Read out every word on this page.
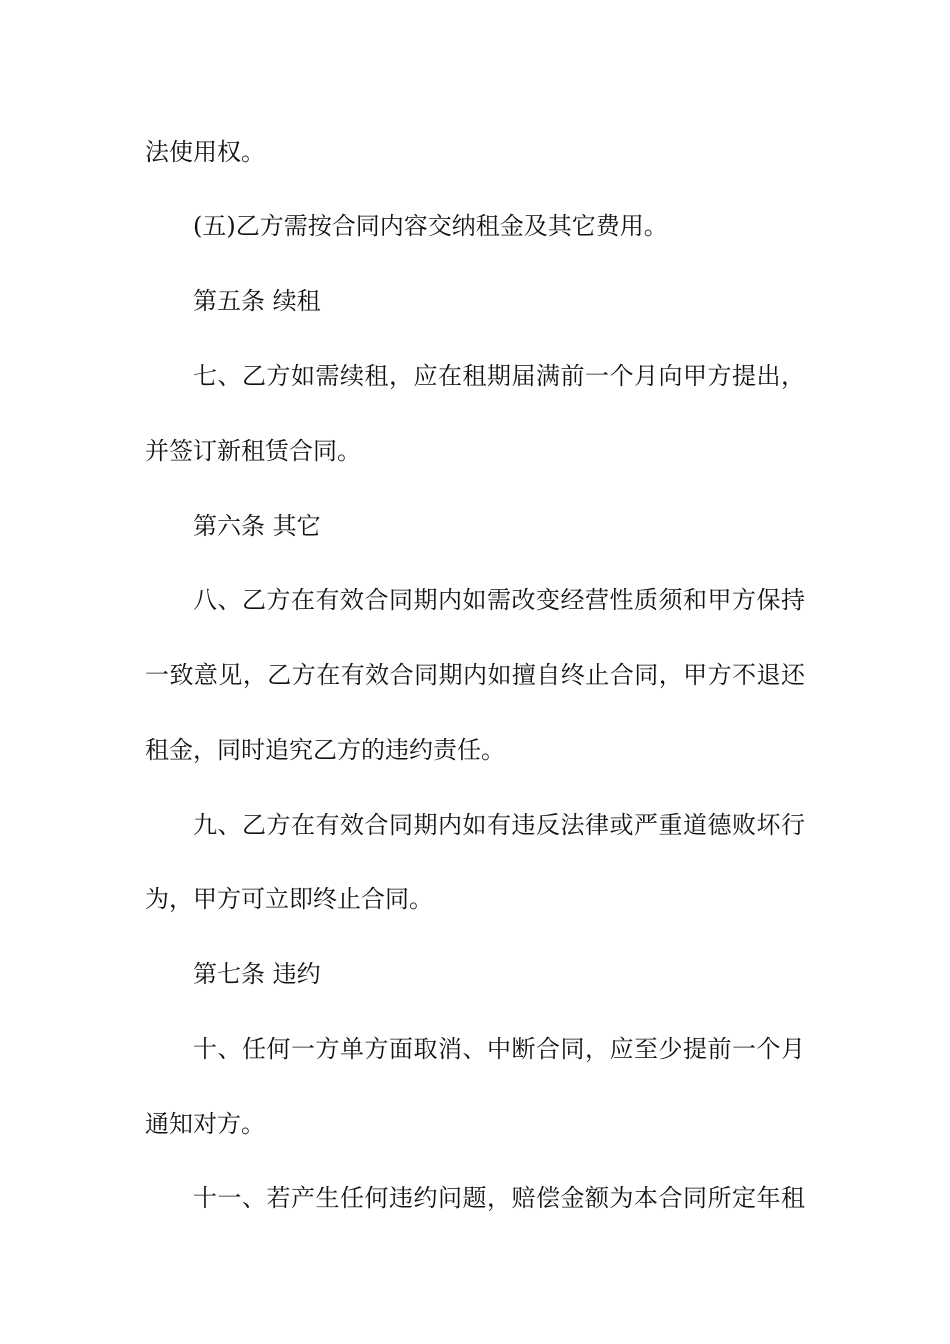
法使用权。
(五)乙方需按合同内容交纳租金及其它费用。
第五条 续租
七、乙方如需续租，应在租期届满前一个月向甲方提出，
并签订新租赁合同。
第六条 其它
八、乙方在有效合同期内如需改变经营性质须和甲方保持
一致意见，乙方在有效合同期内如擅自终止合同，甲方不退还
租金，同时追究乙方的违约责任。
九、乙方在有效合同期内如有违反法律或严重道德败坏行
为，甲方可立即终止合同。
第七条 违约
十、任何一方单方面取消、中断合同，应至少提前一个月
通知对方。
十一、若产生任何违约问题，赔偿金额为本合同所定年租
